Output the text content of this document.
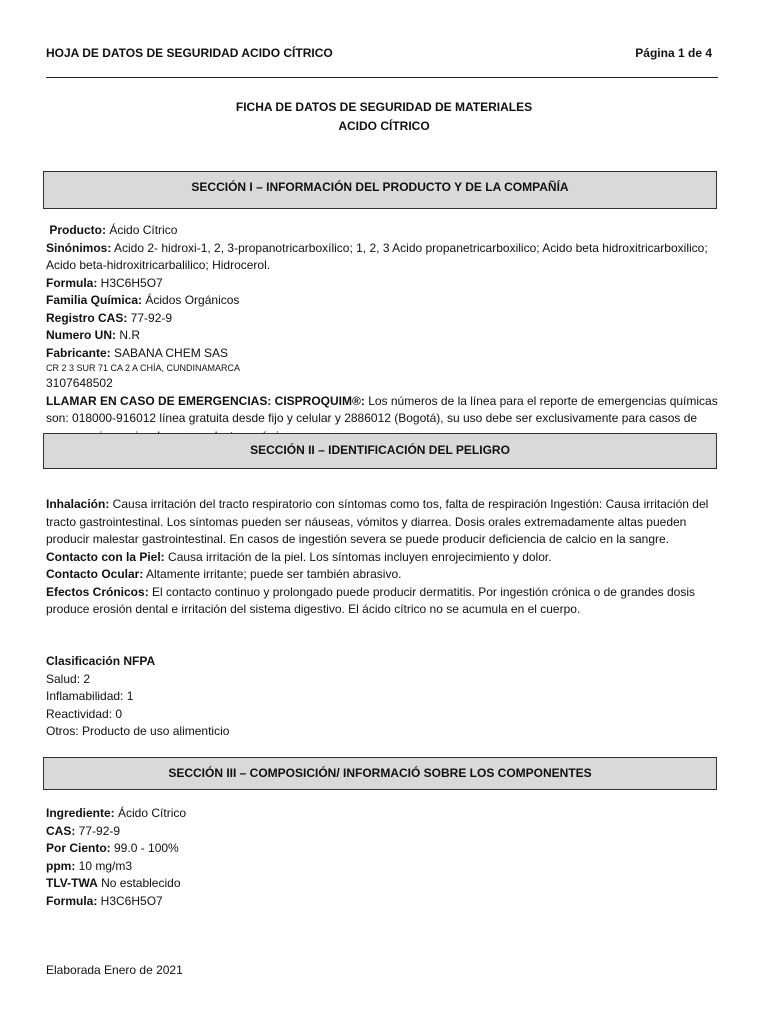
HOJA DE DATOS DE SEGURIDAD ACIDO CÍTRICO	Página 1 de 4
FICHA DE DATOS DE SEGURIDAD DE MATERIALES
ACIDO CÍTRICO
SECCIÓN I – INFORMACIÓN DEL PRODUCTO Y DE LA COMPAÑÍA

Producto: Ácido Cítrico

Sinónimos: Acido 2- hidroxi-1, 2, 3-propanotricarboxílico; 1, 2, 3 Acido propanetricarboxilico; Acido beta hidroxitricarboxilico; Acido beta-hidroxitricarbalilico; Hidrocerol.

Formula: H3C6H5O7

Familia Química: Ácidos Orgánicos

Registro CAS: 77-92-9

Numero UN: N.R

Fabricante: SABANA CHEM SAS

CR 2 3 SUR 71 CA 2 A CHÍA, CUNDINAMARCA

3107648502

LLAMAR EN CASO DE EMERGENCIAS: CISPROQUIM®: Los números de la línea para el reporte de emergencias químicas son: 018000-916012 línea gratuita desde fijo y celular y 2886012 (Bogotá), su uso debe ser exclusivamente para casos de

SECCIÓN II – IDENTIFICACIÓN DEL PELIGRO

Inhalación: Causa irritación del tracto respiratorio con síntomas como tos, falta de respiración Ingestión: Causa irritación del tracto gastrointestinal. Los síntomas pueden ser náuseas, vómitos y diarrea. Dosis orales extremadamente altas pueden producir malestar gastrointestinal. En casos de ingestión severa se puede producir deficiencia de calcio en la sangre.

Contacto con la Piel: Causa irritación de la piel. Los síntomas incluyen enrojecimiento y dolor.

Contacto Ocular: Altamente irritante; puede ser también abrasivo.

Efectos Crónicos: El contacto continuo y prolongado puede producir dermatitis. Por ingestión crónica o de grandes dosis produce erosión dental e irritación del sistema digestivo. El ácido cítrico no se acumula en el cuerpo.

Clasificación NFPA

Salud: 2

Inflamabilidad: 1

Reactividad: 0

Otros: Producto de uso alimenticio

SECCIÓN III – COMPOSICIÓN/ INFORMACIÓ SOBRE LOS COMPONENTES

Ingrediente: Ácido Cítrico

CAS: 77-92-9

Por Ciento: 99.0 - 100%

ppm: 10 mg/m3

TLV-TWA No establecido

Formula: H3C6H5O7

Elaborada Enero de 2021
